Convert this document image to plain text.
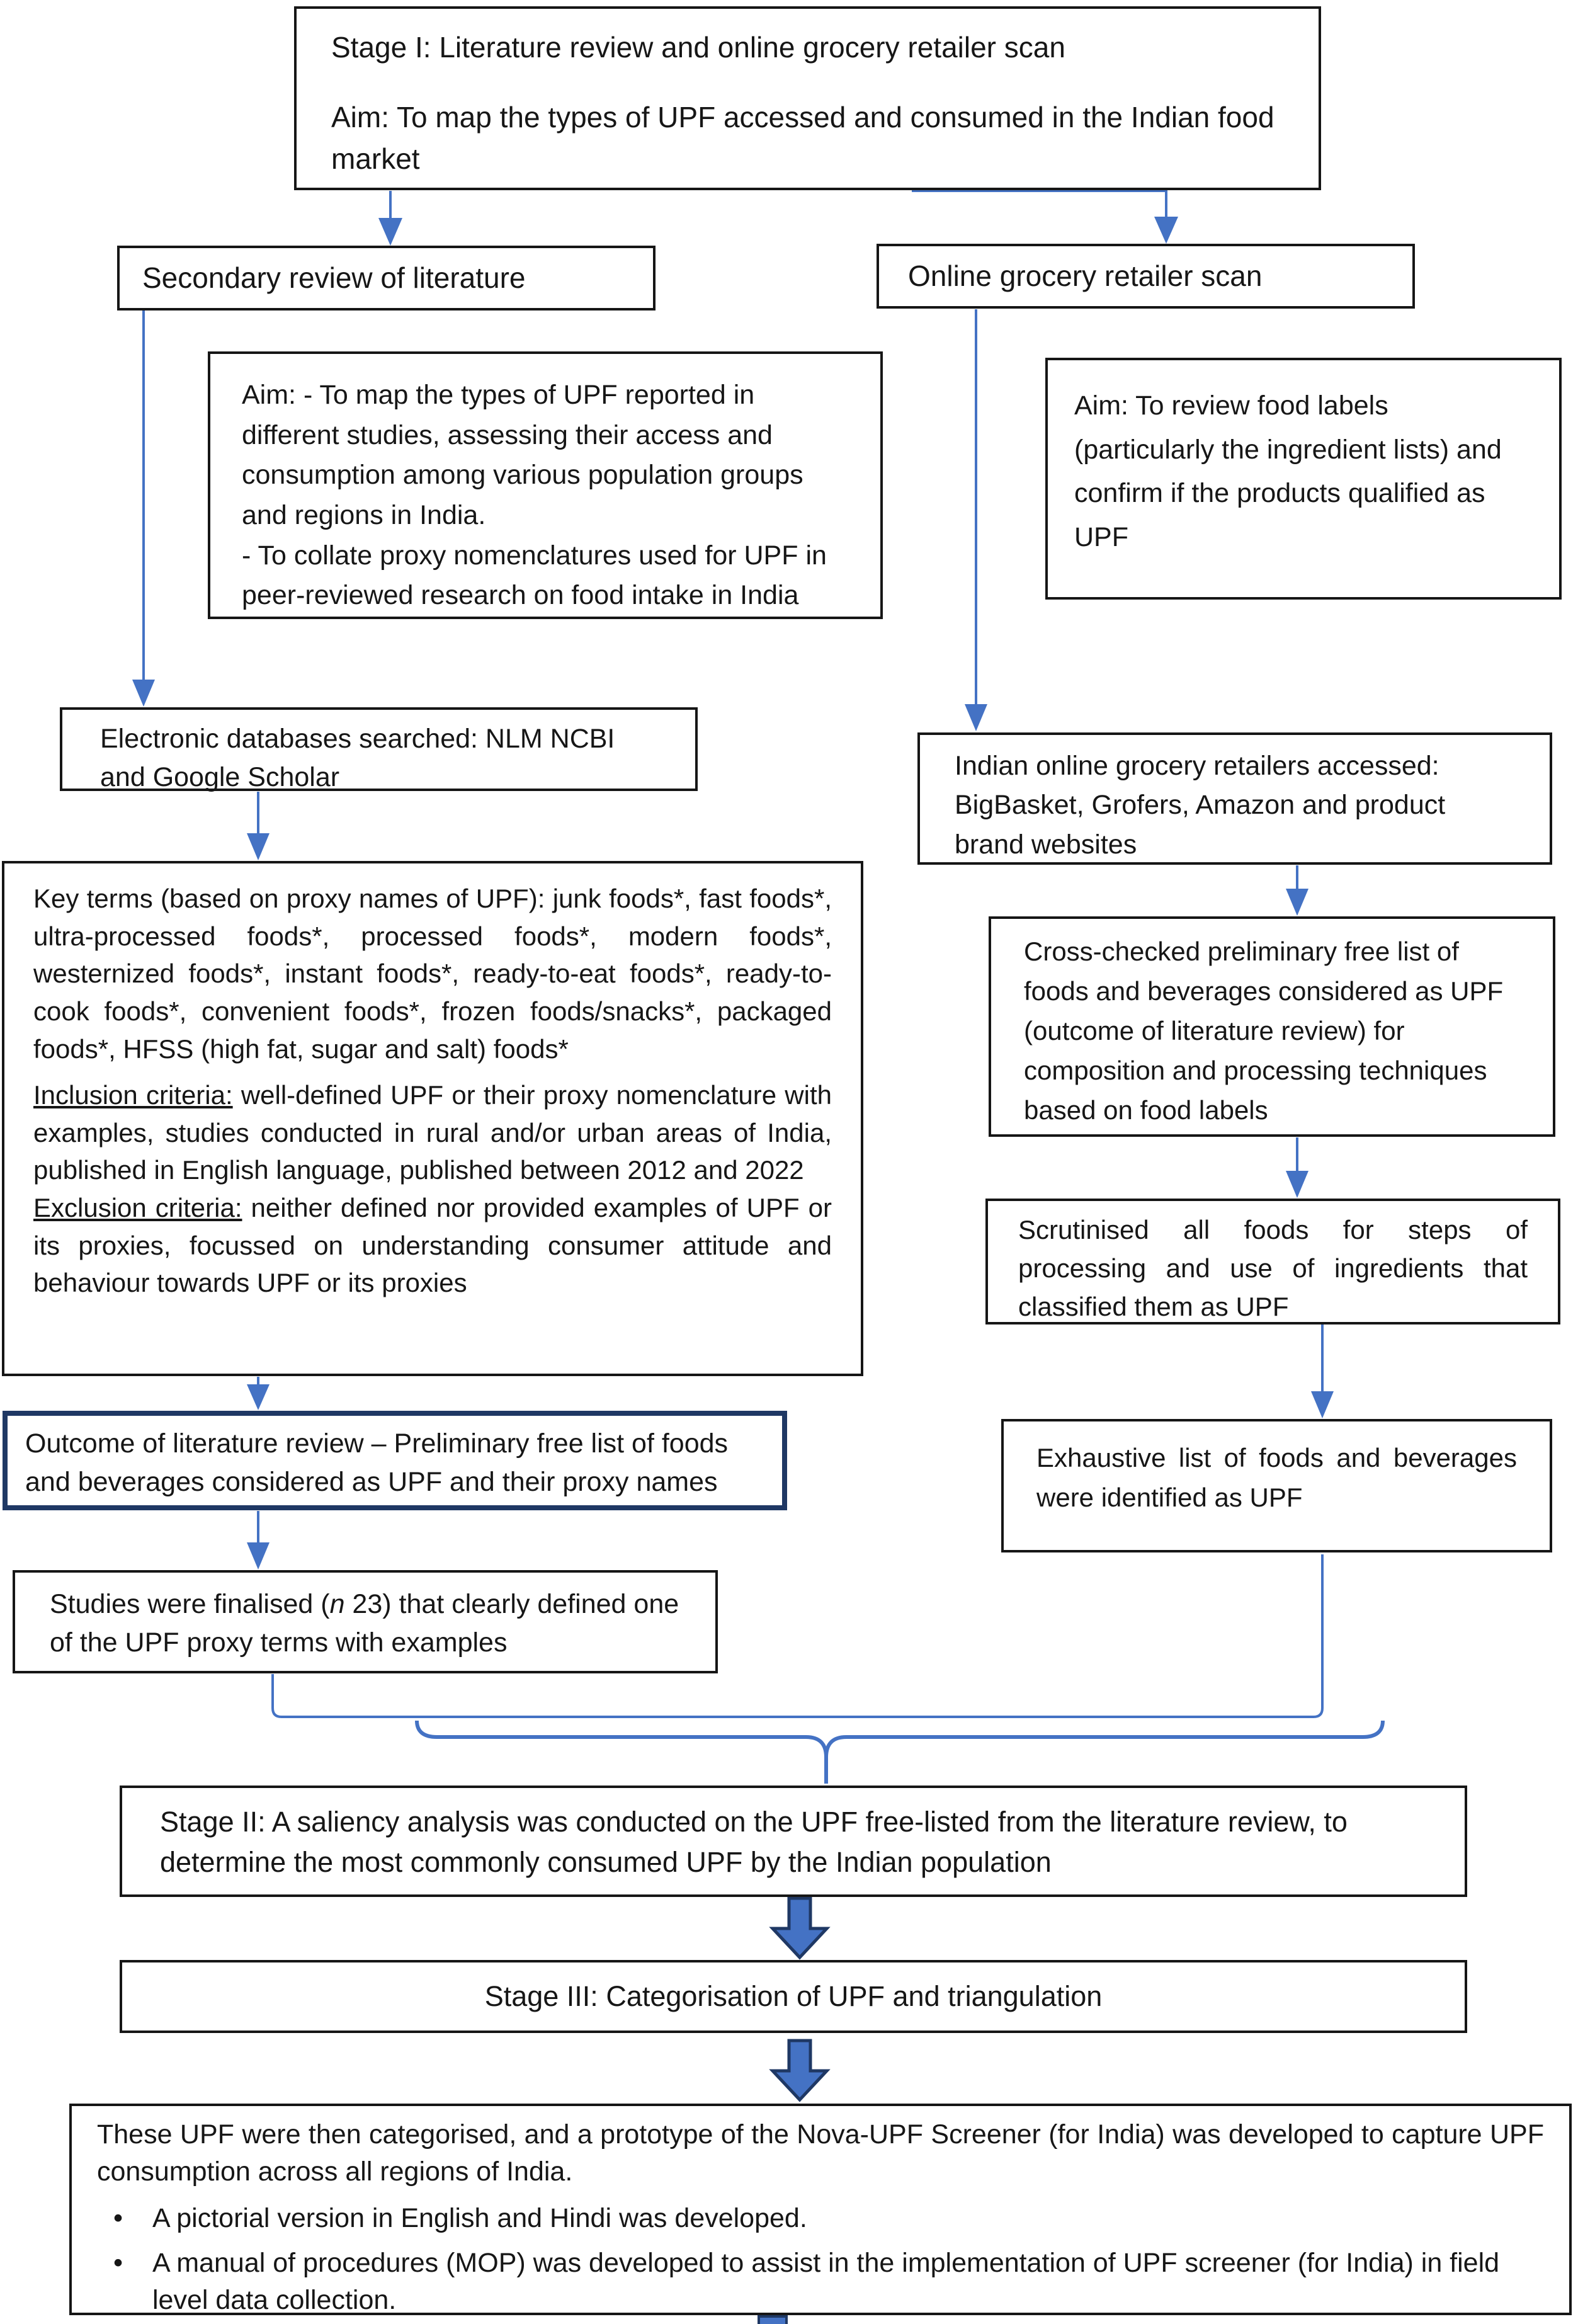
Stage I: Literature review and online grocery retailer scan

Aim: To map the types of UPF accessed and consumed in the Indian food market

Secondary review of literature	Online grocery retailer scan

Aim: - To map the types of UPF reported in different studies, assessing their access and consumption among various population groups and regions in India.

- To collate proxy nomenclatures used for UPF in peer-reviewed research on food intake in India

Aim: To review food labels (particularly the ingredient lists) and confirm if the products qualified as UPF

Electronic databases searched: NLM NCBI and Google Scholar	Indian online grocery retailers accessed: BigBasket, Grofers, Amazon and product brand websites

Key terms (based on proxy names of UPF): junk foods*, fast foods*, ultra-processed foods*, processed foods*, modern foods*, westernized foods*, instant foods*, ready-to-eat foods*, ready-to-cook foods*, convenient foods*, frozen foods/snacks*, packaged foods*, HFSS (high fat, sugar and salt) foods*

Inclusion criteria: well-defined UPF or their proxy nomenclature with examples, studies conducted in rural and/or urban areas of India, published in English language, published between 2012 and 2022

Exclusion criteria: neither defined nor provided examples of UPF or its proxies, focussed on understanding consumer attitude and behaviour towards UPF or its proxies

Cross-checked preliminary free list of foods and beverages considered as UPF (outcome of literature review) for composition and processing techniques based on food labels

Scrutinised all foods for steps of processing and use of ingredients that classified them as UPF

Outcome of literature review – Preliminary free list of foods and beverages considered as UPF and their proxy names

Studies were finalised (n 23) that clearly defined one of the UPF proxy terms with examples

Exhaustive list of foods and beverages were identified as UPF

Stage II: A saliency analysis was conducted on the UPF free-listed from the literature review, to determine the most commonly consumed UPF by the Indian population

Stage III: Categorisation of UPF and triangulation

These UPF were then categorised, and a prototype of the Nova-UPF Screener (for India) was developed to capture UPF consumption across all regions of India.

• A pictorial version in English and Hindi was developed.
• A manual of procedures (MOP) was developed to assist in the implementation of UPF screener (for India) in field level data collection.
